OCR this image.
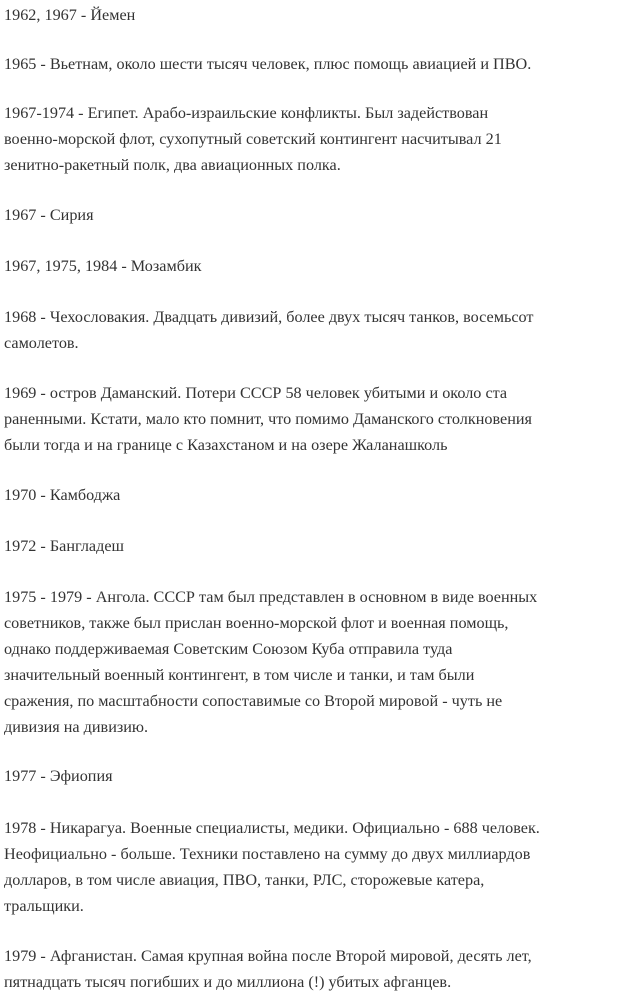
1962, 1967 - Йемен

1965 - Вьетнам, около шести тысяч человек, плюс помощь авиацией и ПВО.

1967-1974 - Египет. Арабо-израильские конфликты. Был задействован
военно-морской флот, сухопутный советский контингент насчитывал 21
зенитно-ракетный полк, два авиационных полка.

1967 - Сирия

1967, 1975, 1984 - Мозамбик

1968 - Чехословакия. Двадцать дивизий, более двух тысяч танков, восемьсот
самолетов.

1969 - остров Даманский. Потери СССР 58 человек убитыми и около ста
раненными. Кстати, мало кто помнит, что помимо Даманского столкновения
были тогда и на границе с Казахстаном и на озере Жаланашколь

1970 - Камбоджа

1972 - Бангладеш

1975 - 1979 - Ангола. СССР там был представлен в основном в виде военных
советников, также был прислан военно-морской флот и военная помощь,
однако поддерживаемая Советским Союзом Куба отправила туда
значительный военный контингент, в том числе и танки, и там были
сражения, по масштабности сопоставимые со Второй мировой - чуть не
дивизия на дивизию.

1977 - Эфиопия

1978 - Никарагуа. Военные специалисты, медики. Официально - 688 человек.
Неофициально - больше. Техники поставлено на сумму до двух миллиардов
долларов, в том числе авиация, ПВО, танки, РЛС, сторожевые катера,
тральщики.

1979 - Афганистан. Самая крупная война после Второй мировой, десять лет,
пятнадцать тысяч погибших и до миллиона (!) убитых афганцев.
